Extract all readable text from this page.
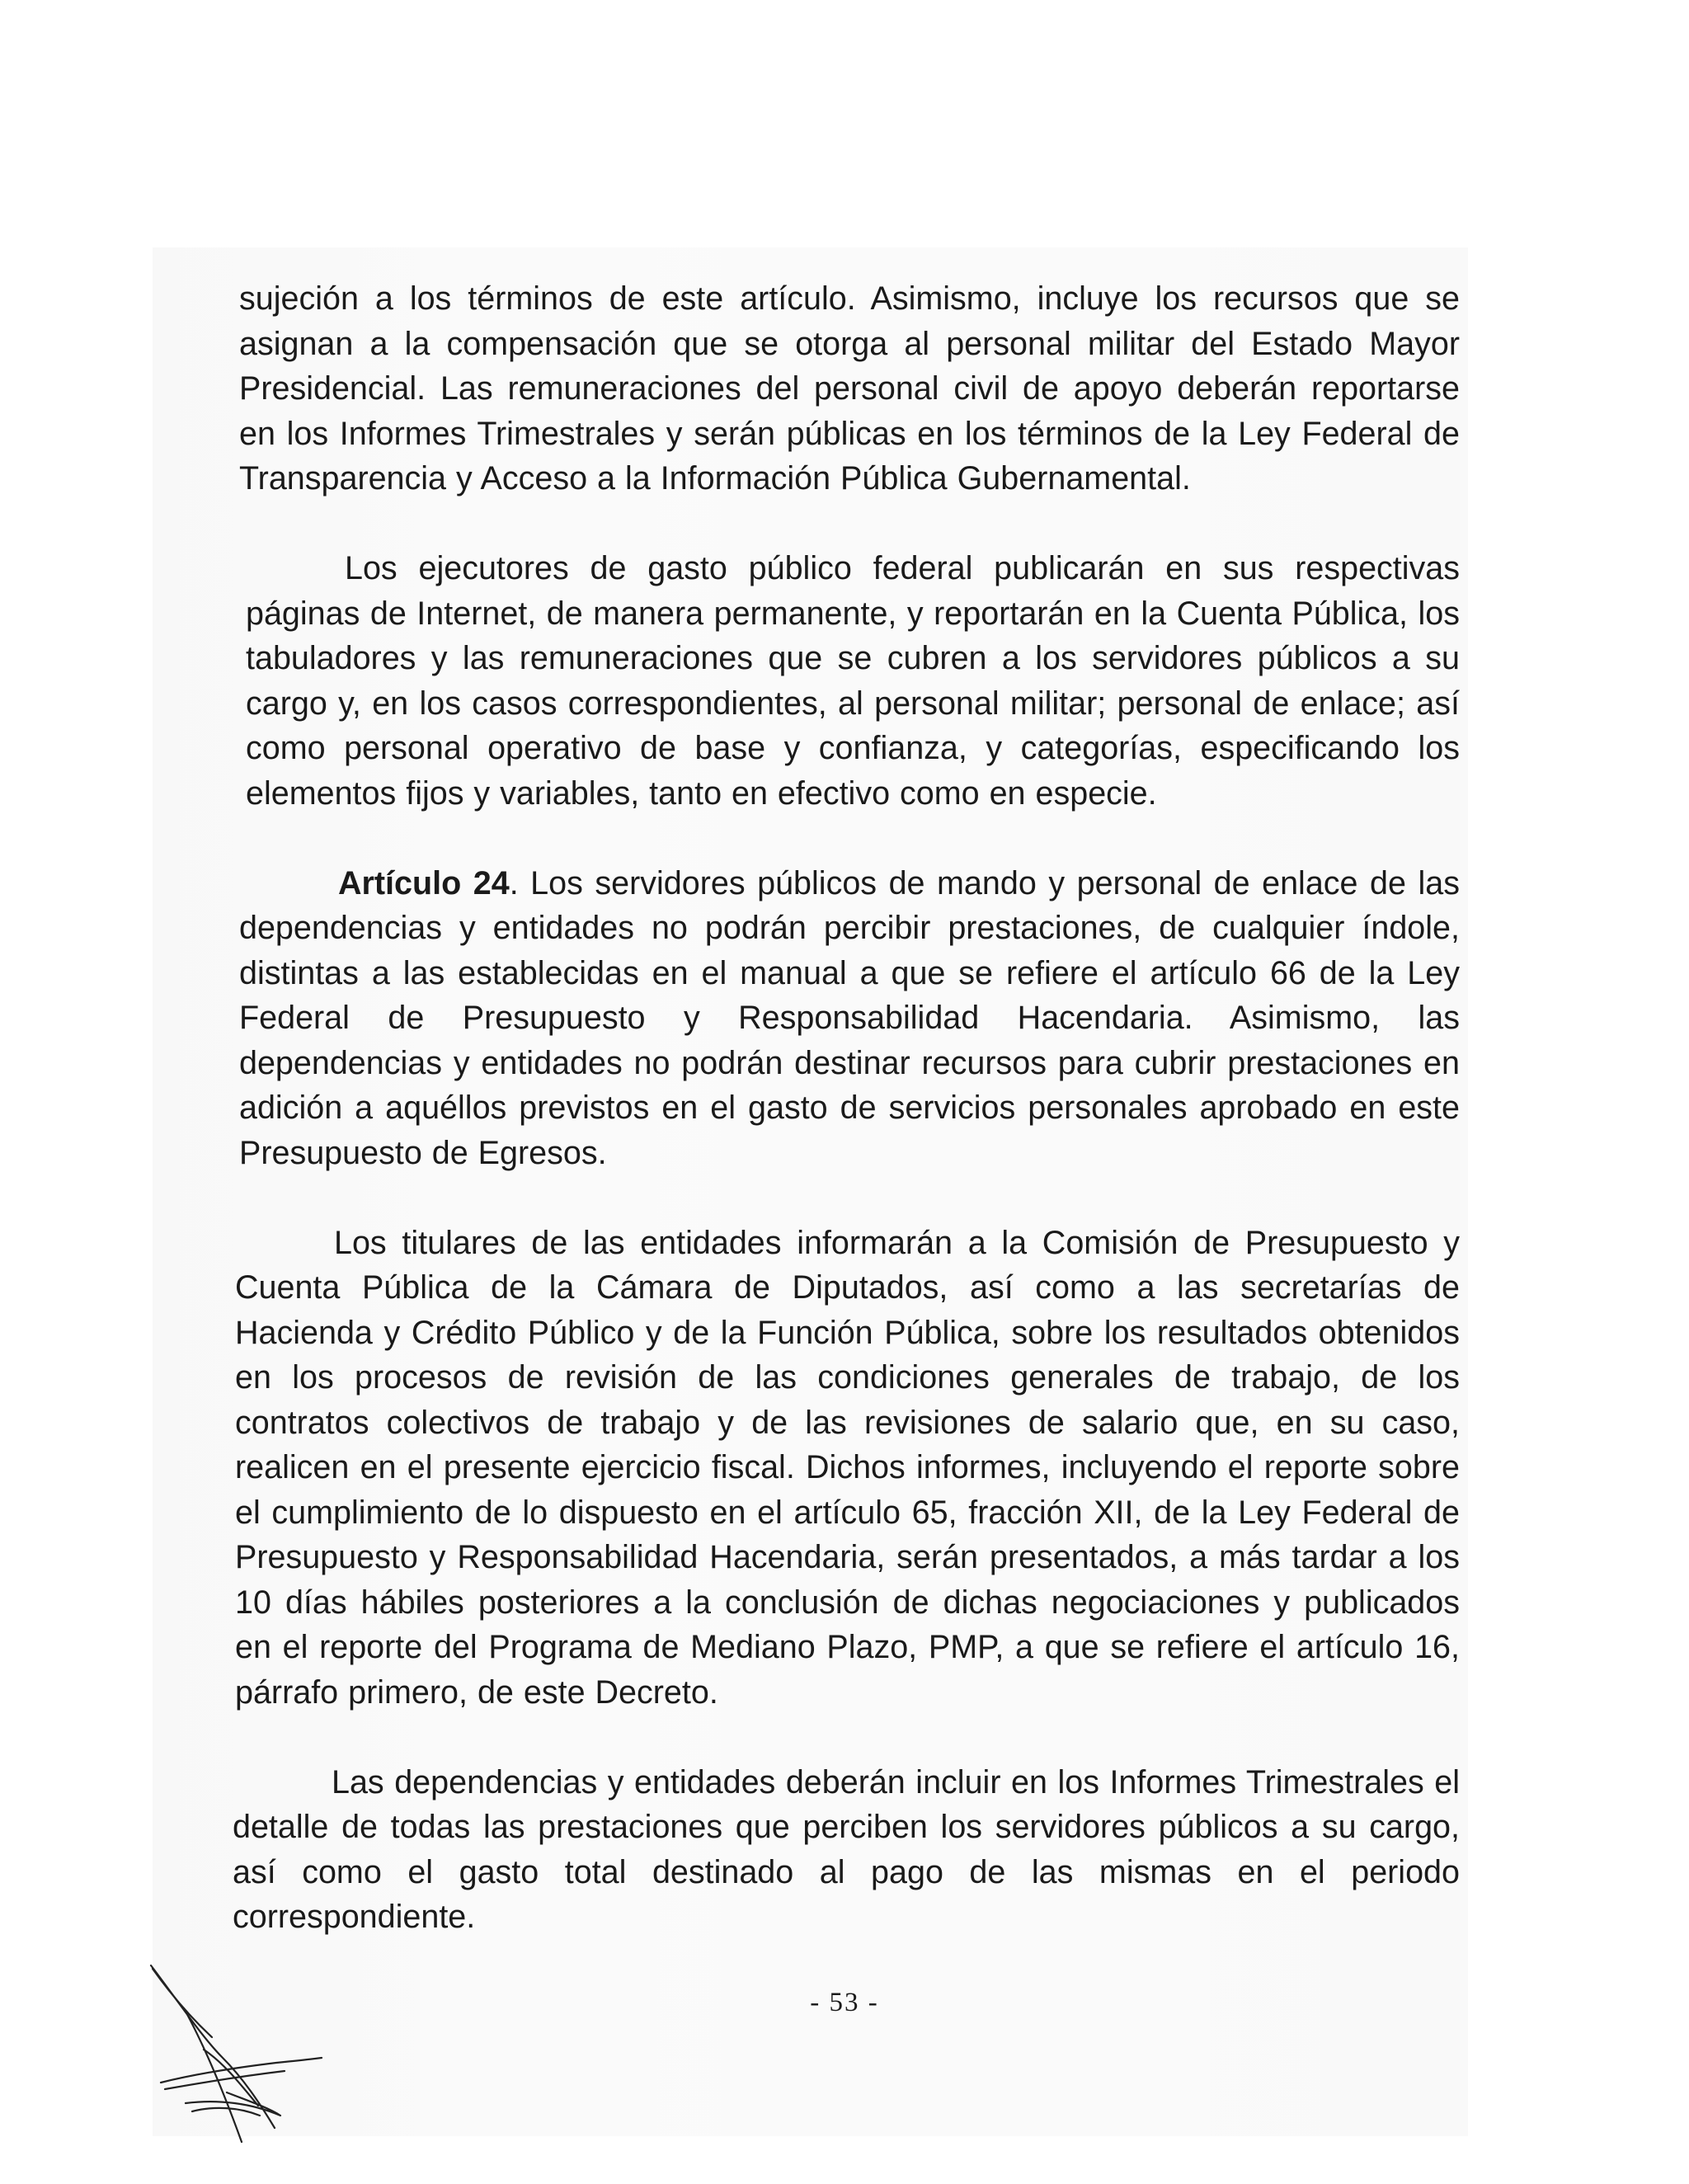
sujeción a los términos de este artículo. Asimismo, incluye los recursos que se asignan a la compensación que se otorga al personal militar del Estado Mayor Presidencial. Las remuneraciones del personal civil de apoyo deberán reportarse en los Informes Trimestrales y serán públicas en los términos de la Ley Federal de Transparencia y Acceso a la Información Pública Gubernamental.

Los ejecutores de gasto público federal publicarán en sus respectivas páginas de Internet, de manera permanente, y reportarán en la Cuenta Pública, los tabuladores y las remuneraciones que se cubren a los servidores públicos a su cargo y, en los casos correspondientes, al personal militar; personal de enlace; así como personal operativo de base y confianza, y categorías, especificando los elementos fijos y variables, tanto en efectivo como en especie.

Artículo 24. Los servidores públicos de mando y personal de enlace de las dependencias y entidades no podrán percibir prestaciones, de cualquier índole, distintas a las establecidas en el manual a que se refiere el artículo 66 de la Ley Federal de Presupuesto y Responsabilidad Hacendaria. Asimismo, las dependencias y entidades no podrán destinar recursos para cubrir prestaciones en adición a aquéllos previstos en el gasto de servicios personales aprobado en este Presupuesto de Egresos.

Los titulares de las entidades informarán a la Comisión de Presupuesto y Cuenta Pública de la Cámara de Diputados, así como a las secretarías de Hacienda y Crédito Público y de la Función Pública, sobre los resultados obtenidos en los procesos de revisión de las condiciones generales de trabajo, de los contratos colectivos de trabajo y de las revisiones de salario que, en su caso, realicen en el presente ejercicio fiscal. Dichos informes, incluyendo el reporte sobre el cumplimiento de lo dispuesto en el artículo 65, fracción XII, de la Ley Federal de Presupuesto y Responsabilidad Hacendaria, serán presentados, a más tardar a los 10 días hábiles posteriores a la conclusión de dichas negociaciones y publicados en el reporte del Programa de Mediano Plazo, PMP, a que se refiere el artículo 16, párrafo primero, de este Decreto.

Las dependencias y entidades deberán incluir en los Informes Trimestrales el detalle de todas las prestaciones que perciben los servidores públicos a su cargo, así como el gasto total destinado al pago de las mismas en el periodo correspondiente.

- 53 -
